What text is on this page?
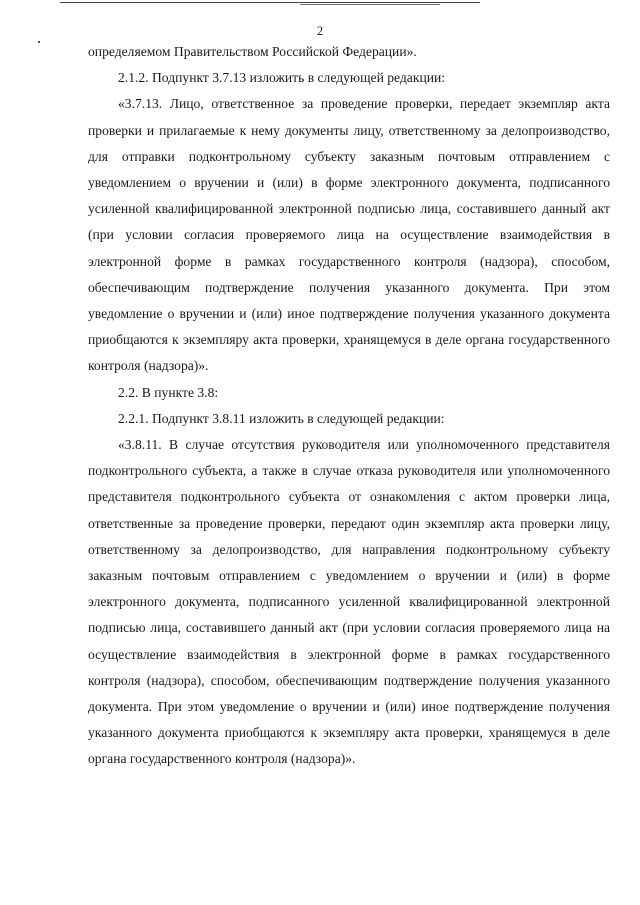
2

определяемом Правительством Российской Федерации».

2.1.2. Подпункт 3.7.13 изложить в следующей редакции:

«3.7.13. Лицо, ответственное за проведение проверки, передает экземпляр акта проверки и прилагаемые к нему документы лицу, ответственному за делопроизводство, для отправки подконтрольному субъекту заказным почтовым отправлением с уведомлением о вручении и (или) в форме электронного документа, подписанного усиленной квалифицированной электронной подписью лица, составившего данный акт (при условии согласия проверяемого лица на осуществление взаимодействия в электронной форме в рамках государственного контроля (надзора), способом, обеспечивающим подтверждение получения указанного документа. При этом уведомление о вручении и (или) иное подтверждение получения указанного документа приобщаются к экземпляру акта проверки, хранящемуся в деле органа государственного контроля (надзора)».

2.2. В пункте 3.8:

2.2.1. Подпункт 3.8.11 изложить в следующей редакции:

«3.8.11. В случае отсутствия руководителя или уполномоченного представителя подконтрольного субъекта, а также в случае отказа руководителя или уполномоченного представителя подконтрольного субъекта от ознакомления с актом проверки лица, ответственные за проведение проверки, передают один экземпляр акта проверки лицу, ответственному за делопроизводство, для направления подконтрольному субъекту заказным почтовым отправлением с уведомлением о вручении и (или) в форме электронного документа, подписанного усиленной квалифицированной электронной подписью лица, составившего данный акт (при условии согласия проверяемого лица на осуществление взаимодействия в электронной форме в рамках государственного контроля (надзора), способом, обеспечивающим подтверждение получения указанного документа. При этом уведомление о вручении и (или) иное подтверждение получения указанного документа приобщаются к экземпляру акта проверки, хранящемуся в деле органа государственного контроля (надзора)».
